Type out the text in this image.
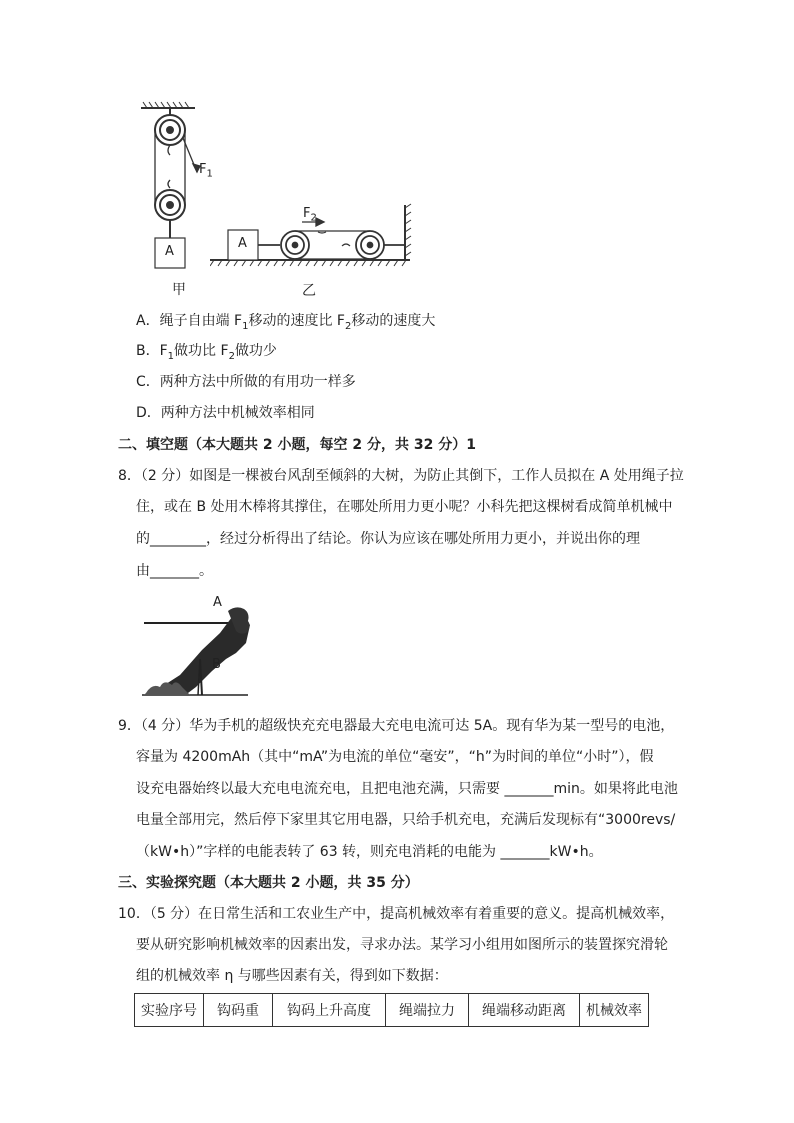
$F_1$
A
甲
A
$F_2$
乙
A．绳子自由端 $F_1$移动的速度比 $F_2$移动的速度大
B．$F_1$做功比 $F_2$做功少
C．两种方法中所做的有用功一样多
D．两种方法中机械效率相同
二、填空题（本大题共 2 小题，每空 2 分，共 32 分）1
8．（2 分）如图是一棵被台风刮至倾斜的大树，为防止其倒下，工作人员拟在 A 处用绳子拉
住，或在 B 处用木棒将其撑住，在哪处所用力更小呢？小科先把这棵树看成简单机械中
的________，经过分析得出了结论。你认为应该在哪处所用力更小，并说出你的理
由_______。
A
B
9．（4 分）华为手机的超级快充充电器最大充电电流可达 5A。现有华为某一型号的电池，
容量为 4200mAh（其中“mA”为电流的单位“毫安”，“h”为时间的单位“小时”），假
设充电器始终以最大充电电流充电，且把电池充满，只需要 _______min。如果将此电池
电量全部用完，然后停下家里其它用电器，只给手机充电，充满后发现标有“3000revs/
（kW•h）”字样的电能表转了 63 转，则充电消耗的电能为 _______kW•h。
三、实验探究题（本大题共 2 小题，共 35 分）
10．（5 分）在日常生活和工农业生产中，提高机械效率有着重要的意义。提高机械效率，
要从研究影响机械效率的因素出发，寻求办法。某学习小组用如图所示的装置探究滑轮
组的机械效率 η 与哪些因素有关，得到如下数据：
实验序号	钩码重	钩码上升高度	绳端拉力	绳端移动距离	机械效率
